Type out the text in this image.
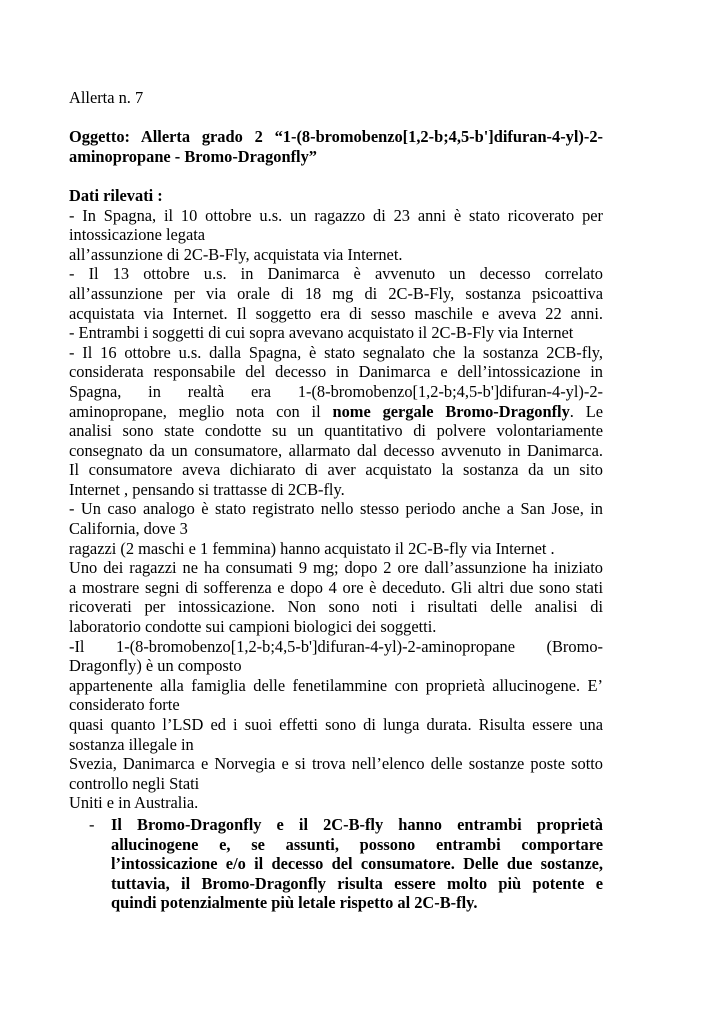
Allerta n. 7
Oggetto: Allerta grado 2 “1-(8-bromobenzo[1,2-b;4,5-b']difuran-4-yl)-2-
aminopropane - Bromo-Dragonfly”
Dati rilevati :
- In Spagna, il 10 ottobre u.s. un ragazzo di 23 anni è stato ricoverato per
intossicazione legata
all’assunzione di 2C-B-Fly, acquistata via Internet.
- Il 13 ottobre u.s. in Danimarca è avvenuto un decesso correlato
all’assunzione per via orale di 18 mg di 2C-B-Fly, sostanza psicoattiva
acquistata via Internet. Il soggetto era di sesso maschile e aveva 22 anni.
- Entrambi i soggetti di cui sopra avevano acquistato il 2C-B-Fly via Internet
- Il 16 ottobre u.s. dalla Spagna, è stato segnalato che la sostanza 2CB-fly,
considerata responsabile del decesso in Danimarca e dell’intossicazione in
Spagna, in realtà era 1-(8-bromobenzo[1,2-b;4,5-b']difuran-4-yl)-2-
aminopropane, meglio nota con il nome gergale Bromo-Dragonfly. Le
analisi sono state condotte su un quantitativo di polvere volontariamente
consegnato da un consumatore, allarmato dal decesso avvenuto in Danimarca.
Il consumatore aveva dichiarato di aver acquistato la sostanza da un sito
Internet , pensando si trattasse di 2CB-fly.
- Un caso analogo è stato registrato nello stesso periodo anche a San Jose, in
California, dove 3
ragazzi (2 maschi e 1 femmina) hanno acquistato il 2C-B-fly via Internet .
Uno dei ragazzi ne ha consumati 9 mg; dopo 2 ore dall’assunzione ha iniziato
a mostrare segni di sofferenza e dopo 4 ore è deceduto. Gli altri due sono stati
ricoverati per intossicazione. Non sono noti i risultati delle analisi di
laboratorio condotte sui campioni biologici dei soggetti.
-Il 1-(8-bromobenzo[1,2-b;4,5-b']difuran-4-yl)-2-aminopropane (Bromo-
Dragonfly) è un composto
appartenente alla famiglia delle fenetilammine con proprietà allucinogene. E’
considerato forte
quasi quanto l’LSD ed i suoi effetti sono di lunga durata. Risulta essere una
sostanza illegale in
Svezia, Danimarca e Norvegia e si trova nell’elenco delle sostanze poste sotto
controllo negli Stati
Uniti e in Australia.
- Il Bromo-Dragonfly e il 2C-B-fly hanno entrambi proprietà
allucinogene e, se assunti, possono entrambi comportare
l’intossicazione e/o il decesso del consumatore. Delle due sostanze,
tuttavia, il Bromo-Dragonfly risulta essere molto più potente e
quindi potenzialmente più letale rispetto al 2C-B-fly.
